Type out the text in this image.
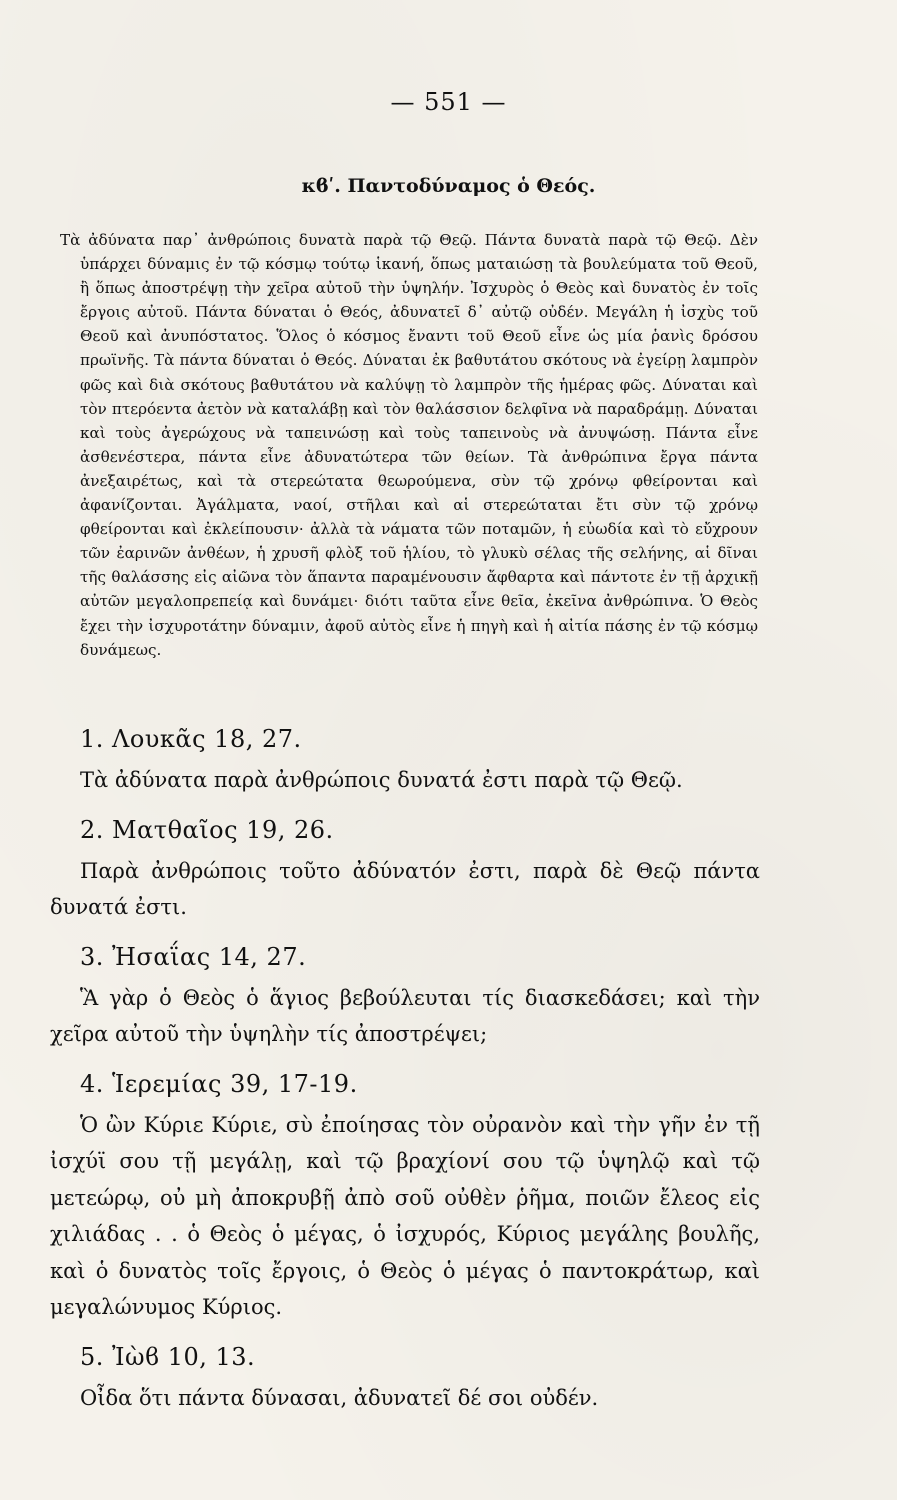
— 551 —
κϐʹ. Παντοδύναμος ὁ Θεός.
Τὰ ἀδύνατα παρ᾽ ἀνθρώποις δυνατὰ παρὰ τῷ Θεῷ. Πάντα δυνατὰ παρὰ τῷ Θεῷ. Δὲν ὑπάρχει δύναμις ἐν τῷ κόσμῳ τούτῳ ἱκανή, ὅπως ματαιώσῃ τὰ βουλεύματα τοῦ Θεοῦ, ἢ ὅπως ἀποστρέψῃ τὴν χεῖρα αὐτοῦ τὴν ὑψηλήν. Ἰσχυρὸς ὁ Θεὸς καὶ δυνατὸς ἐν τοῖς ἔργοις αὐτοῦ. Πάντα δύναται ὁ Θεός, ἀδυνατεῖ δ᾽ αὐτῷ οὐδέν. Μεγάλη ἡ ἰσχὺς τοῦ Θεοῦ καὶ ἀνυπόστατος. Ὅλος ὁ κόσμος ἔναντι τοῦ Θεοῦ εἶνε ὡς μία ῥανὶς δρόσου πρωϊνῆς. Τὰ πάντα δύναται ὁ Θεός. Δύναται ἐκ βαθυτάτου σκότους νὰ ἐγείρῃ λαμπρὸν φῶς καὶ διὰ σκότους βαθυτάτου νὰ καλύψῃ τὸ λαμπρὸν τῆς ἡμέρας φῶς. Δύναται καὶ τὸν πτερόεντα ἀετὸν νὰ καταλάβῃ καὶ τὸν θαλάσσιον δελφῖνα νὰ παραδράμῃ. Δύναται καὶ τοὺς ἀγερώχους νὰ ταπεινώσῃ καὶ τοὺς ταπεινοὺς νὰ ἀνυψώσῃ. Πάντα εἶνε ἀσθενέστερα, πάντα εἶνε ἀδυνατώτερα τῶν θείων. Τὰ ἀνθρώπινα ἔργα πάντα ἀνεξαιρέτως, καὶ τὰ στερεώτατα θεωρούμενα, σὺν τῷ χρόνῳ φθείρονται καὶ ἀφανίζονται. Ἀγάλματα, ναοί, στῆλαι καὶ αἱ στερεώταται ἔτι σὺν τῷ χρόνῳ φθείρονται καὶ ἐκλείπουσιν· ἀλλὰ τὰ νάματα τῶν ποταμῶν, ἡ εὐωδία καὶ τὸ εὔχρουν τῶν ἐαρινῶν ἀνθέων, ἡ χρυσῆ φλὸξ τοῦ ἡλίου, τὸ γλυκὺ σέλας τῆς σελήνης, αἱ δῖναι τῆς θαλάσσης εἰς αἰῶνα τὸν ἅπαντα παραμένουσιν ἄφθαρτα καὶ πάντοτε ἐν τῇ ἀρχικῇ αὐτῶν μεγαλοπρεπείᾳ καὶ δυνάμει· διότι ταῦτα εἶνε θεῖα, ἐκεῖνα ἀνθρώπινα. Ὁ Θεὸς ἔχει τὴν ἰσχυροτάτην δύναμιν, ἀφοῦ αὐτὸς εἶνε ἡ πηγὴ καὶ ἡ αἰτία πάσης ἐν τῷ κόσμῳ δυνάμεως.
1. Λουκᾶς 18, 27.
Τὰ ἀδύνατα παρὰ ἀνθρώποις δυνατά ἐστι παρὰ τῷ Θεῷ.
2. Ματθαῖος 19, 26.
Παρὰ ἀνθρώποις τοῦτο ἀδύνατόν ἐστι, παρὰ δὲ Θεῷ πάντα δυνατά ἐστι.
3. Ἠσαΐας 14, 27.
Ἃ γὰρ ὁ Θεὸς ὁ ἅγιος βεβούλευται τίς διασκεδάσει; καὶ τὴν χεῖρα αὐτοῦ τὴν ὑψηλὴν τίς ἀποστρέψει;
4. Ἱερεμίας 39, 17-19.
Ὁ ὢν Κύριε Κύριε, σὺ ἐποίησας τὸν οὐρανὸν καὶ τὴν γῆν ἐν τῇ ἰσχύϊ σου τῇ μεγάλῃ, καὶ τῷ βραχίονί σου τῷ ὑψηλῷ καὶ τῷ μετεώρῳ, οὐ μὴ ἀποκρυβῇ ἀπὸ σοῦ οὐθὲν ῥῆμα, ποιῶν ἔλεος εἰς χιλιάδας . . ὁ Θεὸς ὁ μέγας, ὁ ἰσχυρός, Κύριος μεγάλης βουλῆς, καὶ ὁ δυνατὸς τοῖς ἔργοις, ὁ Θεὸς ὁ μέγας ὁ παντοκράτωρ, καὶ μεγαλώνυμος Κύριος.
5. Ἰὼϐ 10, 13.
Οἶδα ὅτι πάντα δύνασαι, ἀδυνατεῖ δέ σοι οὐδέν.
